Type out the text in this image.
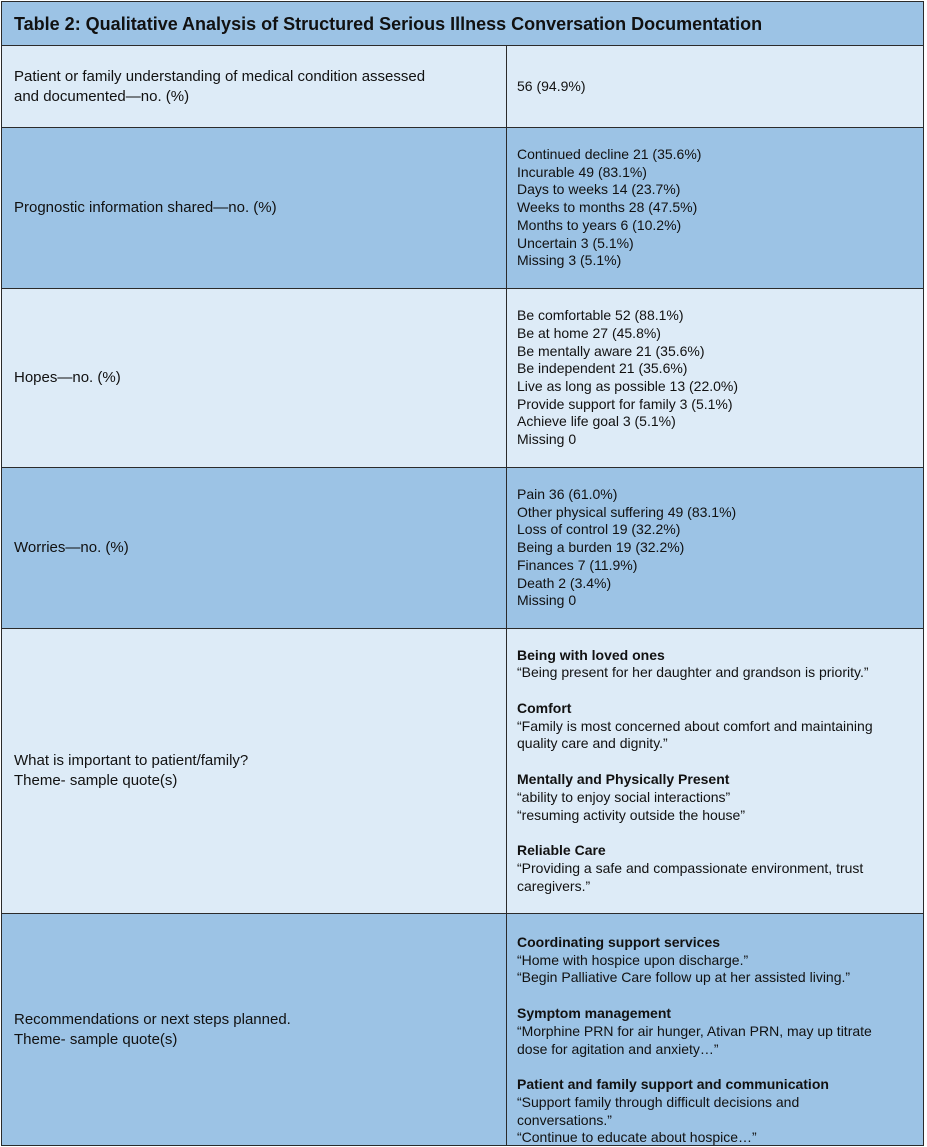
Table 2: Qualitative Analysis of Structured Serious Illness Conversation Documentation
Patient or family understanding of medical condition assessed
and documented—no. (%)
56 (94.9%)
Prognostic information shared—no. (%)
Continued decline 21 (35.6%)
Incurable 49 (83.1%)
Days to weeks 14 (23.7%)
Weeks to months 28 (47.5%)
Months to years 6 (10.2%)
Uncertain 3 (5.1%)
Missing 3 (5.1%)
Hopes—no. (%)
Be comfortable 52 (88.1%)
Be at home 27 (45.8%)
Be mentally aware 21 (35.6%)
Be independent 21 (35.6%)
Live as long as possible 13 (22.0%)
Provide support for family 3 (5.1%)
Achieve life goal 3 (5.1%)
Missing 0
Worries—no. (%)
Pain 36 (61.0%)
Other physical suffering 49 (83.1%)
Loss of control 19 (32.2%)
Being a burden 19 (32.2%)
Finances 7 (11.9%)
Death 2 (3.4%)
Missing 0
What is important to patient/family?
Theme- sample quote(s)
Being with loved ones
“Being present for her daughter and grandson is priority.”
Comfort
“Family is most concerned about comfort and maintaining
quality care and dignity.”
Mentally and Physically Present
“ability to enjoy social interactions”
“resuming activity outside the house”
Reliable Care
“Providing a safe and compassionate environment, trust
caregivers.”
Recommendations or next steps planned.
Theme- sample quote(s)
Coordinating support services
“Home with hospice upon discharge.”
“Begin Palliative Care follow up at her assisted living.”
Symptom management
“Morphine PRN for air hunger, Ativan PRN, may up titrate
dose for agitation and anxiety…”
Patient and family support and communication
“Support family through difficult decisions and
conversations.”
“Continue to educate about hospice…”
